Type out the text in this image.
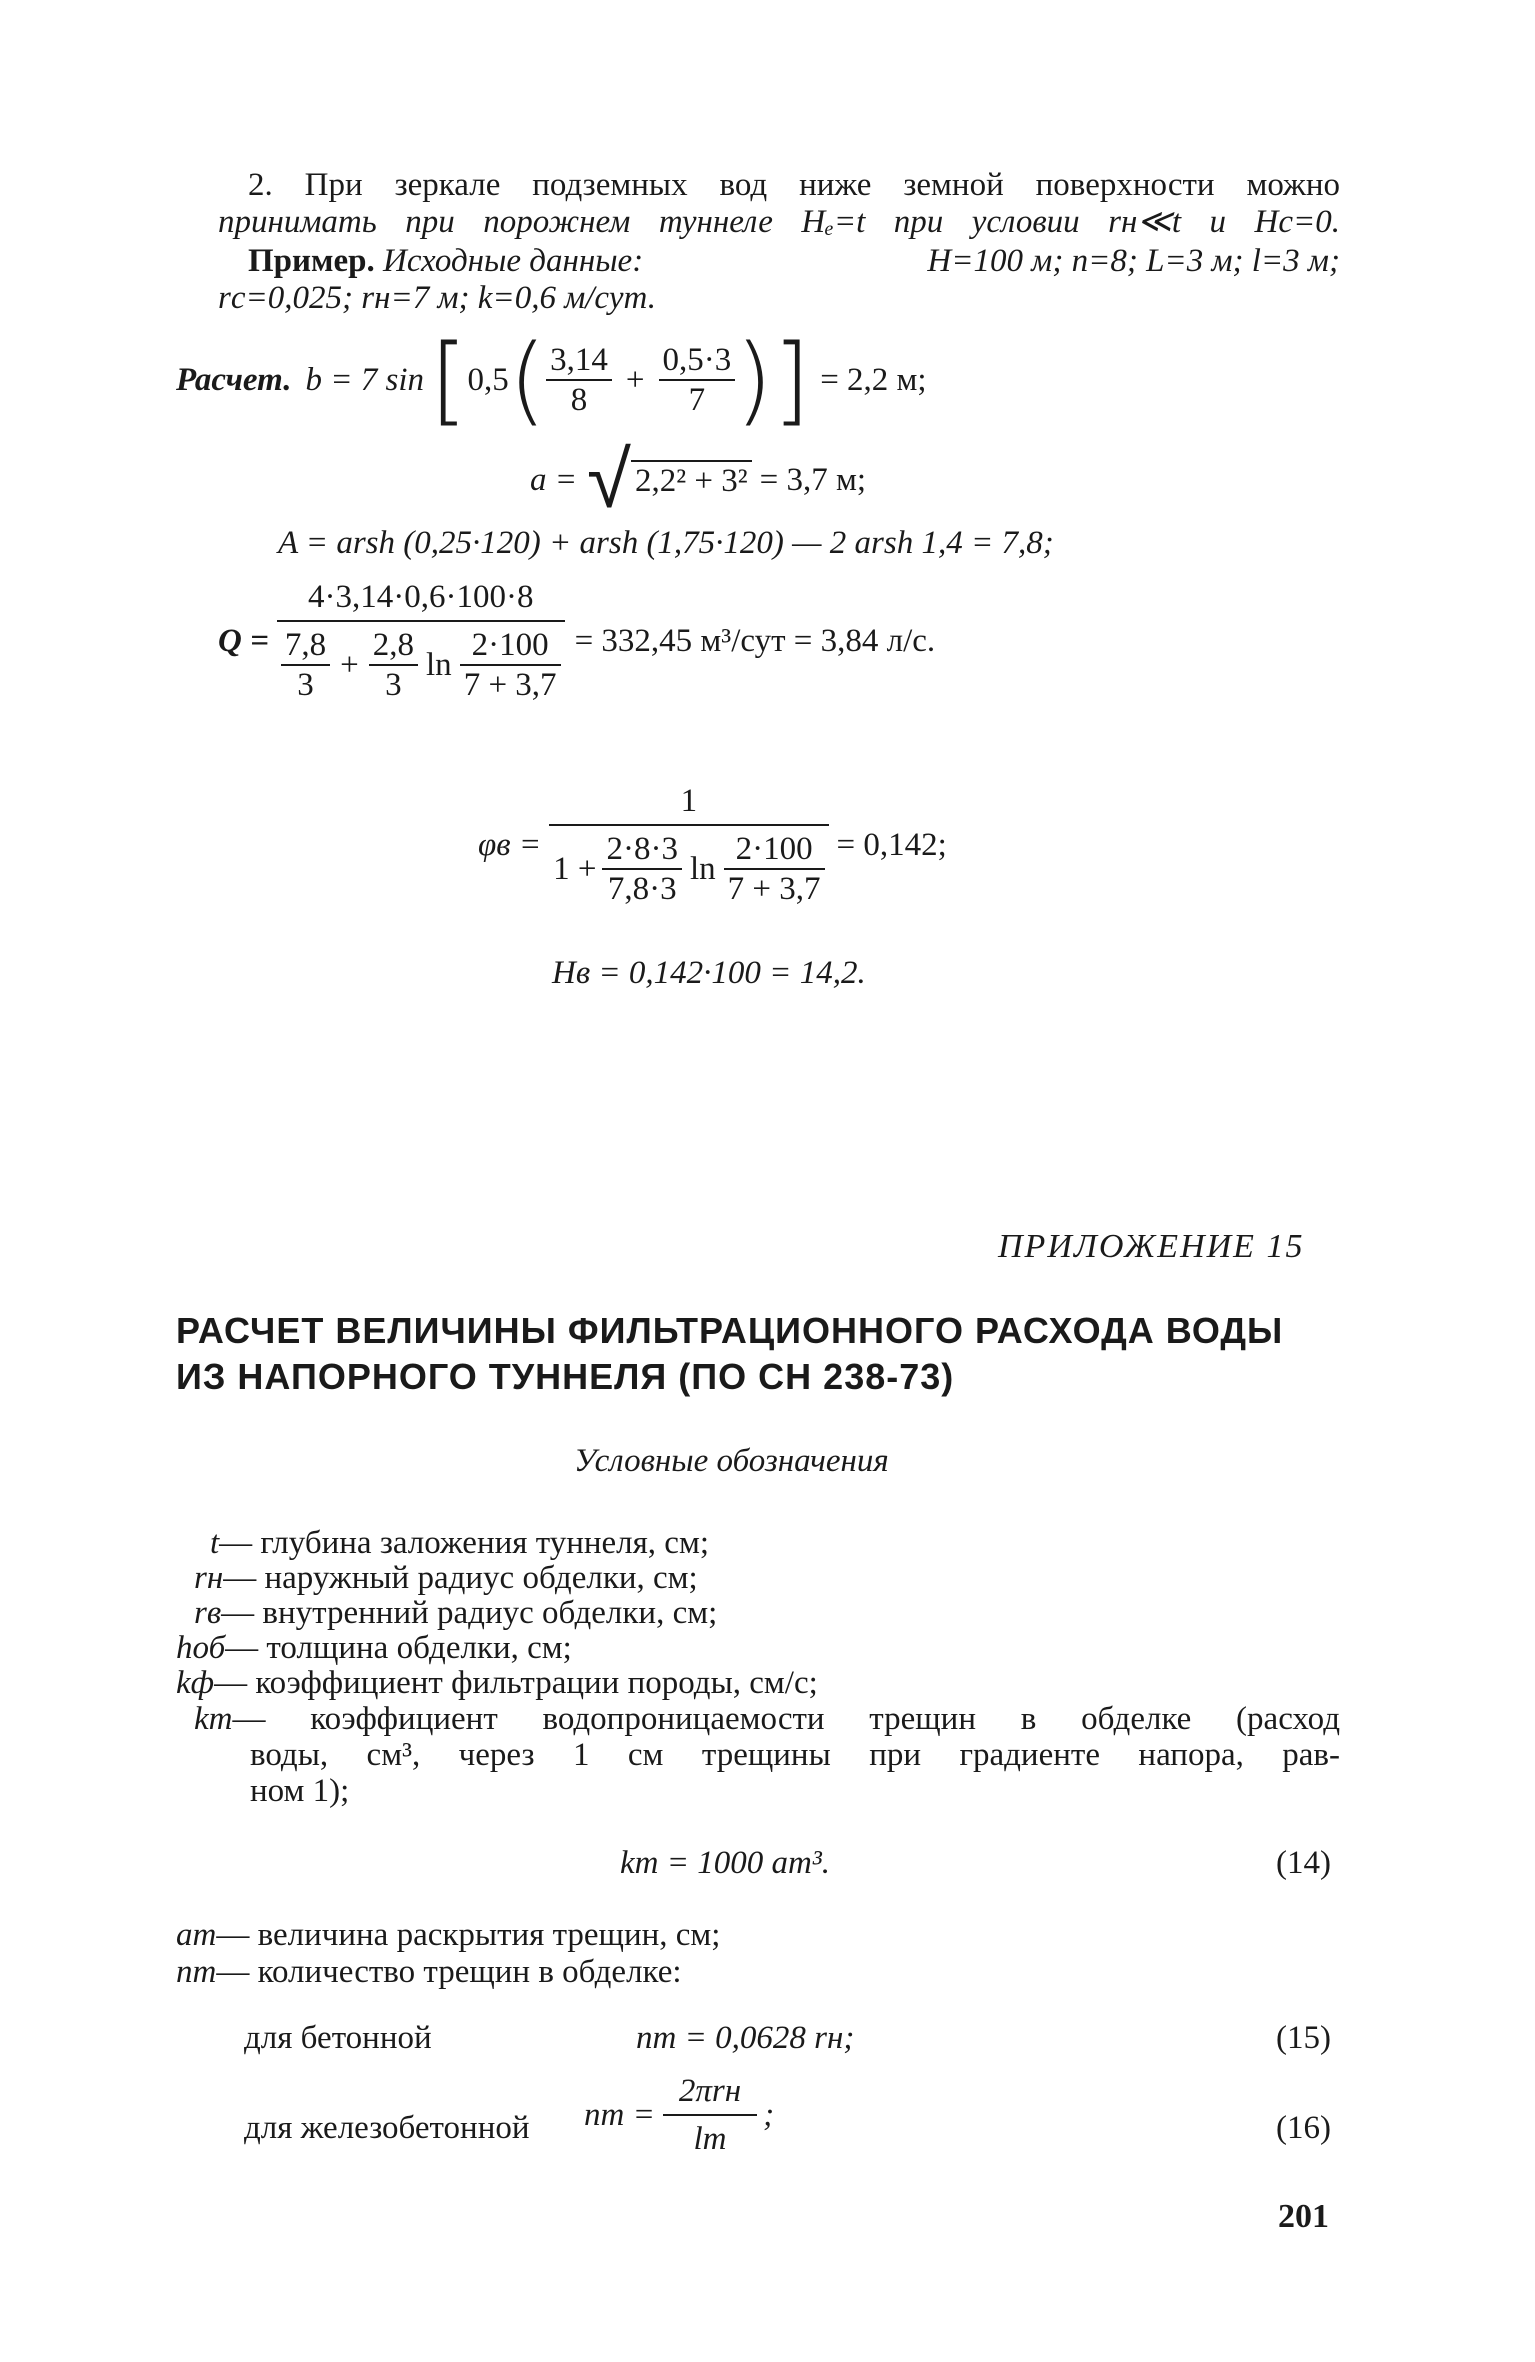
2. При зеркале подземных вод ниже земной поверхности можно
принимать при порожнем туннеле Hₑ=t при условии rн≪t и Hс=0.
Пример. Исходные данные:	H=100 м; n=8; L=3 м; l=3 м;
rс=0,025; rн=7 м; k=0,6 м/сут.
Расчет. b = 7 sin [ 0,5 ( $\frac{3,14}{8} + \frac{0,5\cdot 3}{7}$ ) ] = 2,2 м;
a = √ 2,2² + 3² = 3,7 м;
A = arsh (0,25·120) + arsh (1,75·120) — 2 arsh 1,4 = 7,8;
$Q = \frac{4\cdot 3,14\cdot 0,6\cdot 100\cdot 8}{\frac{7,8}{3} + \frac{2,8}{3} \ln \frac{2\cdot 100}{7 + 3,7}} = 332,45$ м³/сут = 3,84 л/с.
$\varphi в = \frac{1}{1 + \frac{2\cdot 8\cdot 3}{7,8\cdot 3} \ln \frac{2\cdot 100}{7 + 3,7}} = 0,142$;
Hв = 0,142·100 = 14,2.
ПРИЛОЖЕНИЕ 15
РАСЧЕТ ВЕЛИЧИНЫ ФИЛЬТРАЦИОННОГО РАСХОДА ВОДЫ
ИЗ НАПОРНОГО ТУННЕЛЯ (ПО СН 238-73)
Условные обозначения
t— глубина заложения туннеля, см;
rн— наружный радиус обделки, см;
rв— внутренний радиус обделки, см;
hоб— толщина обделки, см;
kф— коэффициент фильтрации породы, см/с;
kт— коэффициент водопроницаемости трещин в обделке (расход
воды, см³, через 1 см трещины при градиенте напора, рав-
ном 1);
kт = 1000 aт³.	(14)
aт— величина раскрытия трещин, см;
nт— количество трещин в обделке:
для бетонной	nт = 0,0628 rн;	(15)
для железобетонной nт = $\frac{\text{2πrн}}{lт}$ ;	(16)
201
